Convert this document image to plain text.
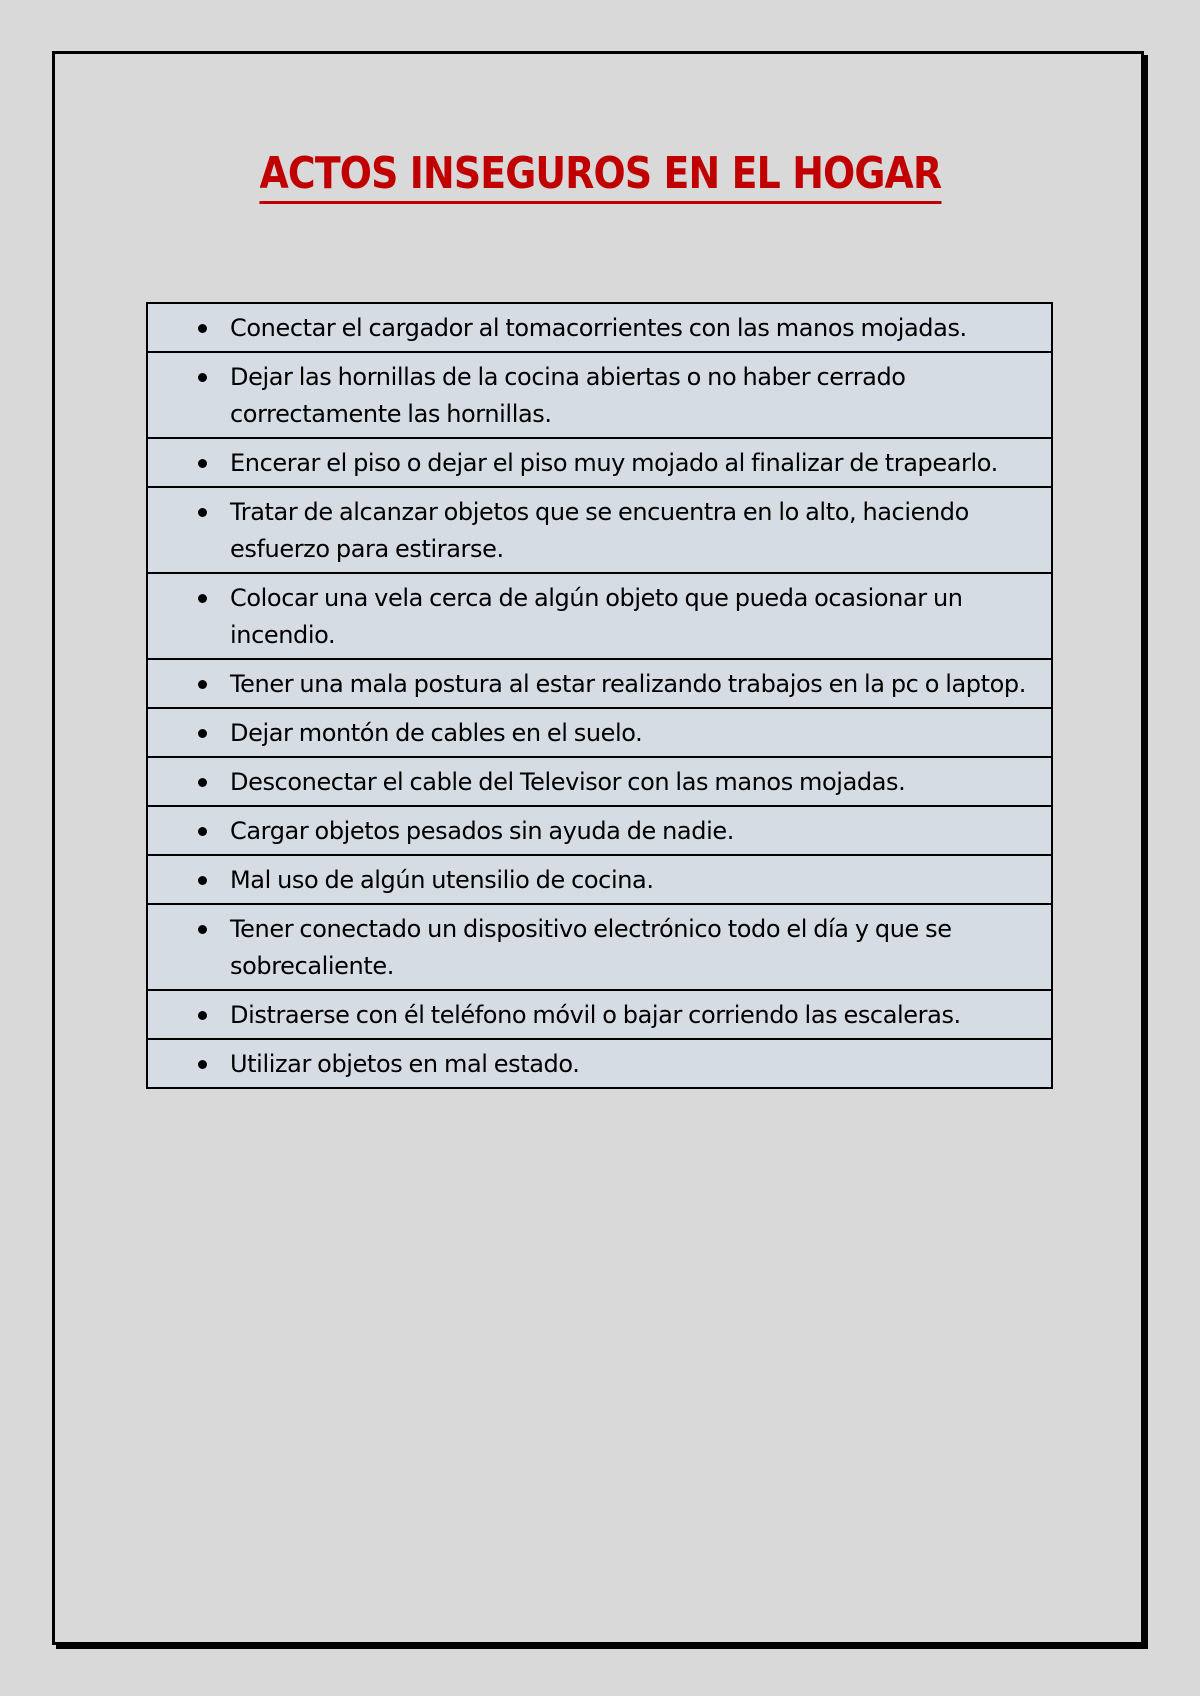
ACTOS INSEGUROS EN EL HOGAR
Conectar el cargador al tomacorrientes con las manos mojadas.

Dejar las hornillas de la cocina abiertas o no haber cerrado correctamente las hornillas.

Encerar el piso o dejar el piso muy mojado al finalizar de trapearlo.

Tratar de alcanzar objetos que se encuentra en lo alto, haciendo esfuerzo para estirarse.

Colocar una vela cerca de algún objeto que pueda ocasionar un incendio.

Tener una mala postura al estar realizando trabajos en la pc o laptop.

Dejar montón de cables en el suelo.

Desconectar el cable del Televisor con las manos mojadas.

Cargar objetos pesados sin ayuda de nadie.

Mal uso de algún utensilio de cocina.

Tener conectado un dispositivo electrónico todo el día y que se sobrecaliente.

Distraerse con él teléfono móvil o bajar corriendo las escaleras.

Utilizar objetos en mal estado.
